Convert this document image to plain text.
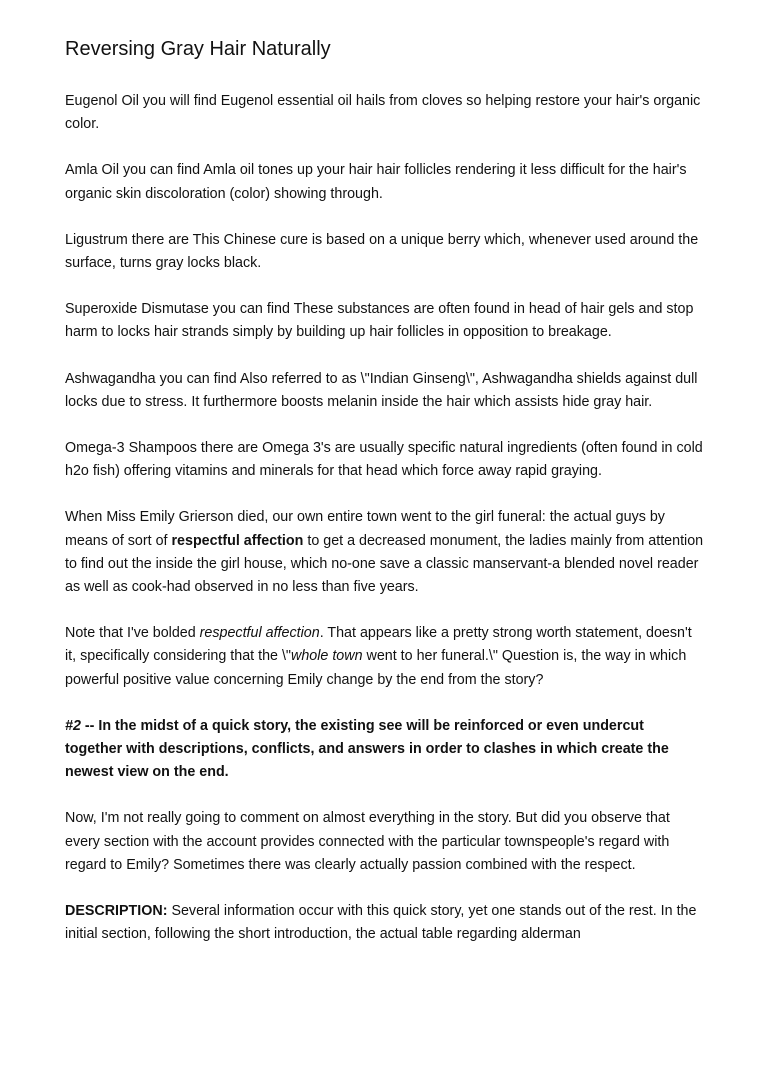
Reversing Gray Hair Naturally

Eugenol Oil you will find Eugenol essential oil hails from cloves so helping restore your hair's organic color.

Amla Oil you can find Amla oil tones up your hair hair follicles rendering it less difficult for the hair's organic skin discoloration (color) showing through.

Ligustrum there are This Chinese cure is based on a unique berry which, whenever used around the surface, turns gray locks black.

Superoxide Dismutase you can find These substances are often found in head of hair gels and stop harm to locks hair strands simply by building up hair follicles in opposition to breakage.

Ashwagandha you can find Also referred to as \"Indian Ginseng\", Ashwagandha shields against dull locks due to stress. It furthermore boosts melanin inside the hair which assists hide gray hair.

Omega-3 Shampoos there are Omega 3's are usually specific natural ingredients (often found in cold h2o fish) offering vitamins and minerals for that head which force away rapid graying.

When Miss Emily Grierson died, our own entire town went to the girl funeral: the actual guys by means of sort of respectful affection to get a decreased monument, the ladies mainly from attention to find out the inside the girl house, which no-one save a classic manservant-a blended novel reader as well as cook-had observed in no less than five years.

Note that I've bolded respectful affection. That appears like a pretty strong worth statement, doesn't it, specifically considering that the \"whole town went to her funeral.\" Question is, the way in which powerful positive value concerning Emily change by the end from the story?

#2 -- In the midst of a quick story, the existing see will be reinforced or even undercut together with descriptions, conflicts, and answers in order to clashes in which create the newest view on the end.

Now, I'm not really going to comment on almost everything in the story. But did you observe that every section with the account provides connected with the particular townspeople's regard with regard to Emily? Sometimes there was clearly actually passion combined with the respect.

DESCRIPTION: Several information occur with this quick story, yet one stands out of the rest. In the initial section, following the short introduction, the actual table regarding alderman
